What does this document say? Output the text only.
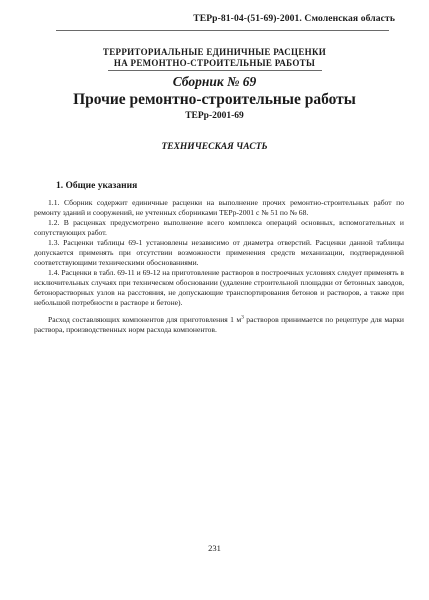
ТЕРр-81-04-(51-69)-2001. Смоленская область
ТЕРРИТОРИАЛЬНЫЕ ЕДИНИЧНЫЕ РАСЦЕНКИ
НА РЕМОНТНО-СТРОИТЕЛЬНЫЕ РАБОТЫ
Сборник № 69
Прочие ремонтно-строительные работы
ТЕРр-2001-69
ТЕХНИЧЕСКАЯ ЧАСТЬ
1. Общие указания

1.1. Сборник содержит единичные расценки на выполнение прочих ремонтно-строительных работ по ремонту зданий и сооружений, не учтенных сборниками ТЕРр-2001 с № 51 по № 68.

1.2. В расценках предусмотрено выполнение всего комплекса операций основных, вспомогательных и сопутствующих работ.

1.3. Расценки таблицы 69-1 установлены независимо от диаметра отверстий. Расценки данной таблицы допускается применять при отсутствии возможности применения средств механизации, подтвержденной соответствующими техническими обоснованиями.

1.4. Расценки в табл. 69-11 и 69-12 на приготовление растворов в построечных условиях следует применять в исключительных случаях при техническом обосновании (удаление строительной площадки от бетонных заводов, бетонорастворных узлов на расстояния, не допускающие транспортирования бетонов и растворов, а также при небольшой потребности в растворе и бетоне).

Расход составляющих компонентов для приготовления 1 $м^3$ растворов принимается по рецептуре для марки раствора, производственных норм расхода компонентов.

231
